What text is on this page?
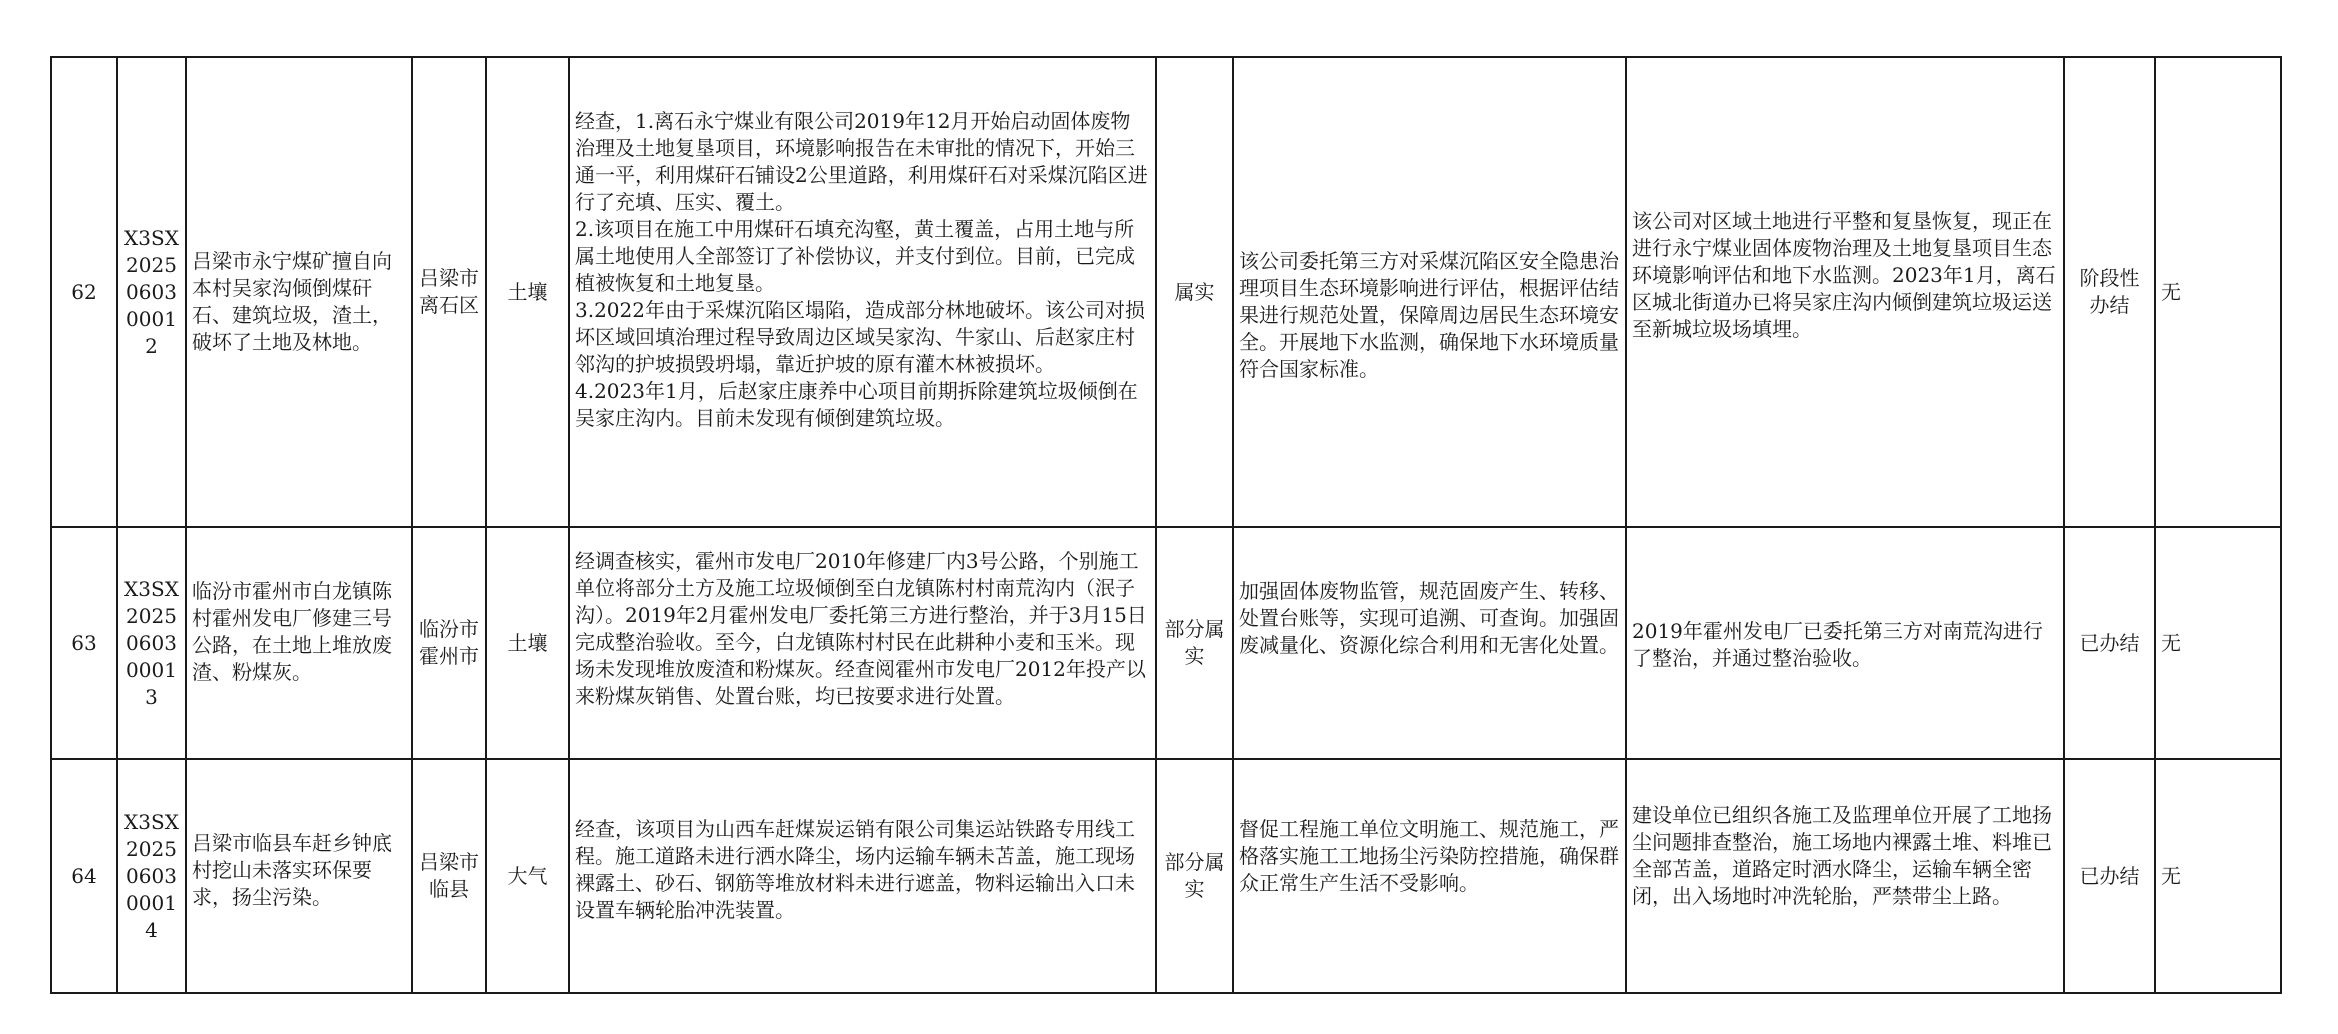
62	X3SX2025060300012	吕梁市永宁煤矿擅自向本村吴家沟倾倒煤矸石、建筑垃圾，渣土，破坏了土地及林地。	吕梁市离石区	土壤	经查，1.离石永宁煤业有限公司2019年12月开始启动固体废物治理及土地复垦项目，环境影响报告在未审批的情况下，开始三通一平，利用煤矸石铺设2公里道路，利用煤矸石对采煤沉陷区进行了充填、压实、覆土。
2.该项目在施工中用煤矸石填充沟壑，黄土覆盖，占用土地与所属土地使用人全部签订了补偿协议，并支付到位。目前，已完成植被恢复和土地复垦。
3.2022年由于采煤沉陷区塌陷，造成部分林地破坏。该公司对损坏区域回填治理过程导致周边区域吴家沟、牛家山、后赵家庄村邻沟的护坡损毁坍塌，靠近护坡的原有灌木林被损坏。
4.2023年1月，后赵家庄康养中心项目前期拆除建筑垃圾倾倒在吴家庄沟内。目前未发现有倾倒建筑垃圾。	属实	该公司委托第三方对采煤沉陷区安全隐患治理项目生态环境影响进行评估，根据评估结果进行规范处置，保障周边居民生态环境安全。开展地下水监测，确保地下水环境质量符合国家标准。	该公司对区域土地进行平整和复垦恢复，现正在进行永宁煤业固体废物治理及土地复垦项目生态环境影响评估和地下水监测。2023年1月，离石区城北街道办已将吴家庄沟内倾倒建筑垃圾运送至新城垃圾场填埋。	阶段性办结	无
63	X3SX2025060300013	临汾市霍州市白龙镇陈村霍州发电厂修建三号公路，在土地上堆放废渣、粉煤灰。	临汾市霍州市	土壤	经调查核实，霍州市发电厂2010年修建厂内3号公路，个别施工单位将部分土方及施工垃圾倾倒至白龙镇陈村村南荒沟内（泯子沟）。2019年2月霍州发电厂委托第三方进行整治，并于3月15日完成整治验收。至今，白龙镇陈村村民在此耕种小麦和玉米。现场未发现堆放废渣和粉煤灰。经查阅霍州市发电厂2012年投产以来粉煤灰销售、处置台账，均已按要求进行处置。	部分属实	加强固体废物监管，规范固废产生、转移、处置台账等，实现可追溯、可查询。加强固废减量化、资源化综合利用和无害化处置。	2019年霍州发电厂已委托第三方对南荒沟进行了整治，并通过整治验收。	已办结	无
64	X3SX2025060300014	吕梁市临县车赶乡钟底村挖山未落实环保要求，扬尘污染。	吕梁市临县	大气	经查，该项目为山西车赶煤炭运销有限公司集运站铁路专用线工程。施工道路未进行洒水降尘，场内运输车辆未苫盖，施工现场裸露土、砂石、钢筋等堆放材料未进行遮盖，物料运输出入口未设置车辆轮胎冲洗装置。	部分属实	督促工程施工单位文明施工、规范施工，严格落实施工工地扬尘污染防控措施，确保群众正常生产生活不受影响。	建设单位已组织各施工及监理单位开展了工地扬尘问题排查整治，施工场地内裸露土堆、料堆已全部苫盖，道路定时洒水降尘，运输车辆全密闭，出入场地时冲洗轮胎，严禁带尘上路。	已办结	无
